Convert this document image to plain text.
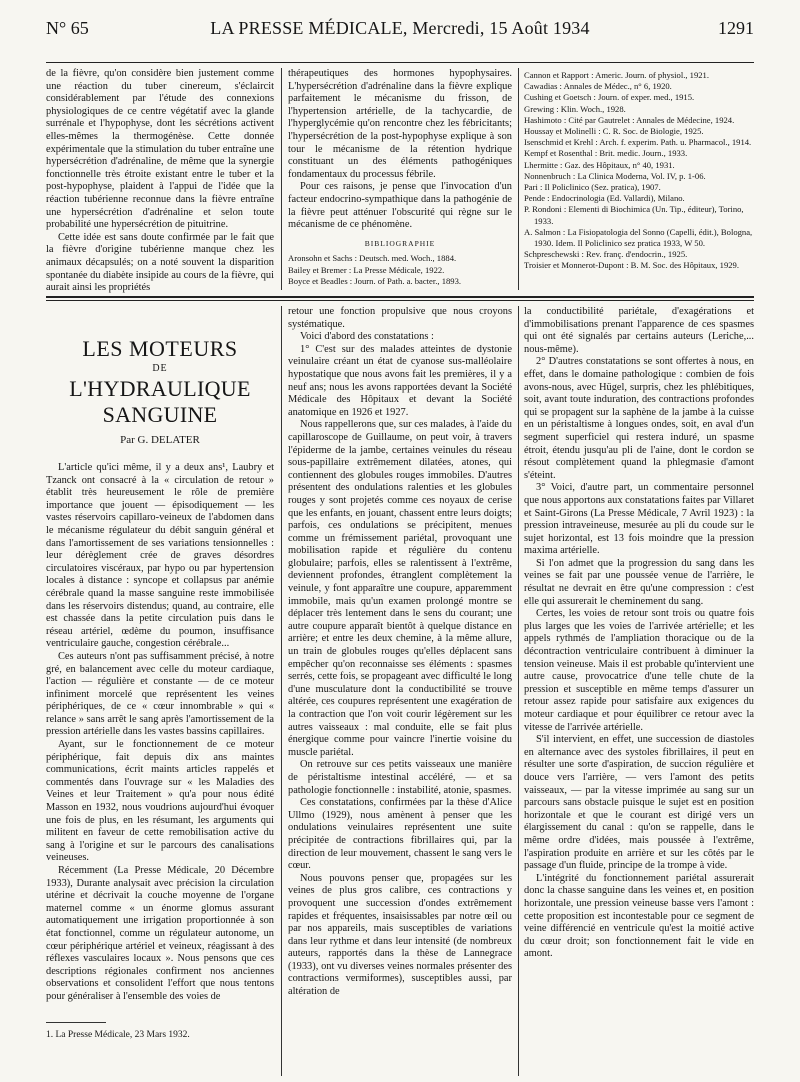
N° 65	LA PRESSE MÉDICALE, Mercredi, 15 Août 1934	1291

de la fièvre, qu'on considère bien justement comme une réaction du tuber cinereum, s'éclaircit considérablement par l'étude des connexions physiologiques de ce centre végétatif avec la glande surrénale et l'hypophyse, dont les sécrétions activent elles-mêmes la thermogénèse. Cette donnée expérimentale que la stimulation du tuber entraîne une hypersécrétion d'adrénaline, de même que la synergie fonctionnelle très étroite existant entre le tuber et la post-hypophyse, plaident à l'appui de l'idée que la réaction tubérienne reconnue dans la fièvre entraîne une hypersécrétion d'adrénaline et selon toute probabilité une hypersécrétion de pituitrine.

Cette idée est sans doute confirmée par le fait que la fièvre d'origine tubérienne manque chez les animaux décapsulés; on a noté souvent la disparition spontanée du diabète insipide au cours de la fièvre, qui aurait ainsi les propriétés

thérapeutiques des hormones hypophysaires. L'hypersécrétion d'adrénaline dans la fièvre explique parfaitement le mécanisme du frisson, de l'hypertension artérielle, de la tachycardie, de l'hyperglycémie qu'on rencontre chez les fébricitants; l'hypersécrétion de la post-hypophyse explique à son tour le mécanisme de la rétention hydrique constituant un des éléments pathogéniques fondamentaux du processus fébrile.

Pour ces raisons, je pense que l'invocation d'un facteur endocrino-sympathique dans la pathogénie de la fièvre peut atténuer l'obscurité qui règne sur le mécanisme de ce phénomène.

BIBLIOGRAPHIE

Aronsohn et Sachs : Deutsch. med. Woch., 1884.

Bailey et Bremer : La Presse Médicale, 1922.

Boyce et Beadles : Journ. of Path. a. bacter., 1893.

Cannon et Rapport : Americ. Journ. of physiol., 1921.

Cawadias : Annales de Médec., n° 6, 1920.

Cushing et Goetsch : Journ. of exper. med., 1915.

Grewing : Klin. Woch., 1928.

Hashimoto : Cité par Gautrelet : Annales de Médecine, 1924.

Houssay et Molinelli : C. R. Soc. de Biologie, 1925.

Isenschmid et Krehl : Arch. f. experim. Path. u. Pharmacol., 1914.

Kempf et Rosenthal : Brit. medic. Journ., 1933.

Lhermitte : Gaz. des Hôpitaux, n° 40, 1931.

Nonnenbruch : La Clinica Moderna, Vol. IV, p. 1-06.

Pari : Il Policlinico (Sez. pratica), 1907.

Pende : Endocrinologia (Ed. Vallardi), Milano.

P. Rondoni : Elementi di Biochimica (Un. Tip., éditeur), Torino, 1933.

A. Salmon : La Fisiopatologia del Sonno (Capelli, édit.), Bologna, 1930. Idem. Il Policlinico sez pratica 1933, W 50.

Schpreschewski : Rev. franç. d'endocrin., 1925.

Troisier et Monnerot-Dupont : B. M. Soc. des Hôpitaux, 1929.

LES MOTEURS
DE
L'HYDRAULIQUE SANGUINE
Par G. DELATER

L'article qu'ici même, il y a deux ans¹, Laubry et Tzanck ont consacré à la « circulation de retour » établit très heureusement le rôle de première importance que jouent — épisodiquement — les vastes réservoirs capillaro-veineux de l'abdomen dans le mécanisme régulateur du débit sanguin général et dans l'amortissement de ses variations tensionnelles : leur dérèglement crée de graves désordres circulatoires viscéraux, par hypo ou par hypertension locales à distance : syncope et collapsus par anémie cérébrale quand la masse sanguine reste immobilisée dans les réservoirs distendus; quand, au contraire, elle est chassée dans la petite circulation puis dans le réseau artériel, œdème du poumon, insuffisance ventriculaire gauche, congestion cérébrale...

Ces auteurs n'ont pas suffisamment précisé, à notre gré, en balancement avec celle du moteur cardiaque, l'action — régulière et constante — de ce moteur infiniment morcelé que représentent les veines périphériques, de ce « cœur innombrable » qui « relance » sans arrêt le sang après l'amortissement de la pression artérielle dans les vastes bassins capillaires.

Ayant, sur le fonctionnement de ce moteur périphérique, fait depuis dix ans maintes communications, écrit maints articles rappelés et commentés dans l'ouvrage sur « les Maladies des Veines et leur Traitement » qu'a pour nous édité Masson en 1932, nous voudrions aujourd'hui évoquer une fois de plus, en les résumant, les arguments qui militent en faveur de cette remobilisation active du sang à l'origine et sur le parcours des canalisations veineuses.

Récemment (La Presse Médicale, 20 Décembre 1933), Durante analysait avec précision la circulation utérine et décrivait la couche moyenne de l'organe maternel comme « un énorme glomus assurant automatiquement une irrigation proportionnée à son état fonctionnel, comme un régulateur autonome, un cœur périphérique artériel et veineux, réagissant à des réflexes vasculaires locaux ». Nous pensons que ces descriptions régionales confirment nos anciennes observations et consolident l'effort que nous tentons pour généraliser à l'ensemble des voies de

retour une fonction propulsive que nous croyons systématique.

Voici d'abord des constatations :

1° C'est sur des malades atteintes de dystonie veinulaire créant un état de cyanose sus-malléolaire hypostatique que nous avons fait les premières, il y a neuf ans; nous les avons rapportées devant la Société Médicale des Hôpitaux et devant la Société anatomique en 1926 et 1927.

Nous rappellerons que, sur ces malades, à l'aide du capillaroscope de Guillaume, on peut voir, à travers l'épiderme de la jambe, certaines veinules du réseau sous-papillaire extrêmement dilatées, atones, qui contiennent des globules rouges immobiles. D'autres présentent des ondulations ralenties et les globules rouges y sont projetés comme ces noyaux de cerise que les enfants, en jouant, chassent entre leurs doigts; parfois, ces ondulations se précipitent, menues comme un frémissement pariétal, provoquant une mobilisation rapide et régulière du contenu globulaire; parfois, elles se ralentissent à l'extrême, deviennent profondes, étranglent complètement la veinule, y font apparaître une coupure, apparemment immobile, mais qu'un examen prolongé montre se déplacer très lentement dans le sens du courant; une autre coupure apparaît bientôt à quelque distance en arrière; et entre les deux chemine, à la même allure, un train de globules rouges qu'elles déplacent sans empêcher qu'on reconnaisse ses éléments : spasmes serrés, cette fois, se propageant avec difficulté le long d'une musculature dont la conductibilité se trouve altérée, ces coupures représentent une exagération de la contraction que l'on voit courir légèrement sur les autres vaisseaux : mal conduite, elle se fait plus énergique comme pour vaincre l'inertie voisine du muscle pariétal.

On retrouve sur ces petits vaisseaux une manière de péristaltisme intestinal accéléré, — et sa pathologie fonctionnelle : instabilité, atonie, spasmes.

Ces constatations, confirmées par la thèse d'Alice Ullmo (1929), nous amènent à penser que les ondulations veinulaires représentent une suite précipitée de contractions fibrillaires qui, par la direction de leur mouvement, chassent le sang vers le cœur.

Nous pouvons penser que, propagées sur les veines de plus gros calibre, ces contractions y provoquent une succession d'ondes extrêmement rapides et fréquentes, insaisissables par notre œil ou par nos appareils, mais susceptibles de variations dans leur rythme et dans leur intensité (de nombreux auteurs, rapportés dans la thèse de Lannegrace (1933), ont vu diverses veines normales présenter des contractions vermiformes), susceptibles aussi, par altération de

la conductibilité pariétale, d'exagérations et d'immobilisations prenant l'apparence de ces spasmes qui ont été signalés par certains auteurs (Leriche,... nous-même).

2° D'autres constatations se sont offertes à nous, en effet, dans le domaine pathologique : combien de fois avons-nous, avec Hügel, surpris, chez les phlébitiques, soit, avant toute induration, des contractions profondes qui se propagent sur la saphène de la jambe à la cuisse en un péristaltisme à longues ondes, soit, en aval d'un segment superficiel qui restera induré, un spasme étroit, étendu jusqu'au pli de l'aine, dont le cordon se résout complètement quand la phlegmasie d'amont s'éteint.

3° Voici, d'autre part, un commentaire personnel que nous apportons aux constatations faites par Villaret et Saint-Girons (La Presse Médicale, 7 Avril 1923) : la pression intraveineuse, mesurée au pli du coude sur le sujet horizontal, est 13 fois moindre que la pression maxima artérielle.

Si l'on admet que la progression du sang dans les veines se fait par une poussée venue de l'arrière, le résultat ne devrait en être qu'une compression : c'est elle qui assurerait le cheminement du sang.

Certes, les voies de retour sont trois ou quatre fois plus larges que les voies de l'arrivée artérielle; et les appels rythmés de l'ampliation thoracique ou de la décontraction ventriculaire contribuent à diminuer la tension veineuse. Mais il est probable qu'intervient une autre cause, provocatrice d'une telle chute de la pression et susceptible en même temps d'assurer un retour assez rapide pour satisfaire aux exigences du moteur cardiaque et pour équilibrer ce retour avec la vitesse de l'arrivée artérielle.

S'il intervient, en effet, une succession de diastoles en alternance avec des systoles fibrillaires, il peut en résulter une sorte d'aspiration, de succion régulière et douce vers l'arrière, — vers l'amont des petits vaisseaux, — par la vitesse imprimée au sang sur un parcours sans obstacle puisque le sujet est en position horizontale et que le courant est dirigé vers un élargissement du canal : qu'on se rappelle, dans le même ordre d'idées, mais poussée à l'extrême, l'aspiration produite en arrière et sur les côtés par le passage d'un fluide, principe de la trompe à vide.

L'intégrité du fonctionnement pariétal assurerait donc la chasse sanguine dans les veines et, en position horizontale, une pression veineuse basse vers l'amont : cette proposition est incontestable pour ce segment de veine différencié en ventricule qu'est la moitié active du cœur droit; son fonctionnement fait le vide en amont.

1. La Presse Médicale, 23 Mars 1932.
